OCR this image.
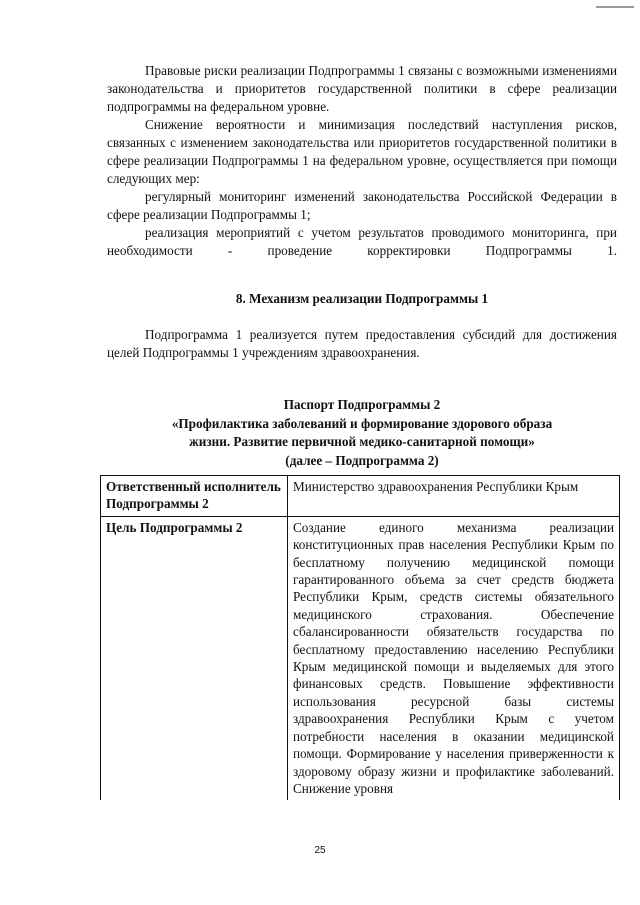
Правовые риски реализации Подпрограммы 1 связаны с возможными изменениями законодательства и приоритетов государственной политики в сфере реализации подпрограммы на федеральном уровне.

Снижение вероятности и минимизация последствий наступления рисков, связанных с изменением законодательства или приоритетов государственной политики в сфере реализации Подпрограммы 1 на федеральном уровне, осуществляется при помощи следующих мер:

регулярный мониторинг изменений законодательства Российской Федерации в сфере реализации Подпрограммы 1;

реализация мероприятий с учетом результатов проводимого мониторинга, при необходимости - проведение корректировки Подпрограммы 1.

8. Механизм реализации Подпрограммы 1

Подпрограмма 1 реализуется путем предоставления субсидий для достижения целей Подпрограммы 1 учреждениям здравоохранения.

Паспорт Подпрограммы 2
«Профилактика заболеваний и формирование здорового образа
жизни. Развитие первичной медико-санитарной помощи»
(далее – Подпрограмма 2)
Ответственный исполнитель Подпрограммы 2	Министерство здравоохранения Республики Крым
Цель Подпрограммы 2	Создание единого механизма реализации конституционных прав населения Республики Крым по бесплатному получению медицинской помощи гарантированного объема за счет средств бюджета Республики Крым, средств системы обязательного медицинского страхования. Обеспечение сбалансированности обязательств государства по бесплатному предоставлению населению Республики Крым медицинской помощи и выделяемых для этого финансовых средств. Повышение эффективности использования ресурсной базы системы здравоохранения Республики Крым с учетом потребности населения в оказании медицинской помощи. Формирование у населения приверженности к здоровому образу жизни и профилактике заболеваний. Снижение уровня
25
